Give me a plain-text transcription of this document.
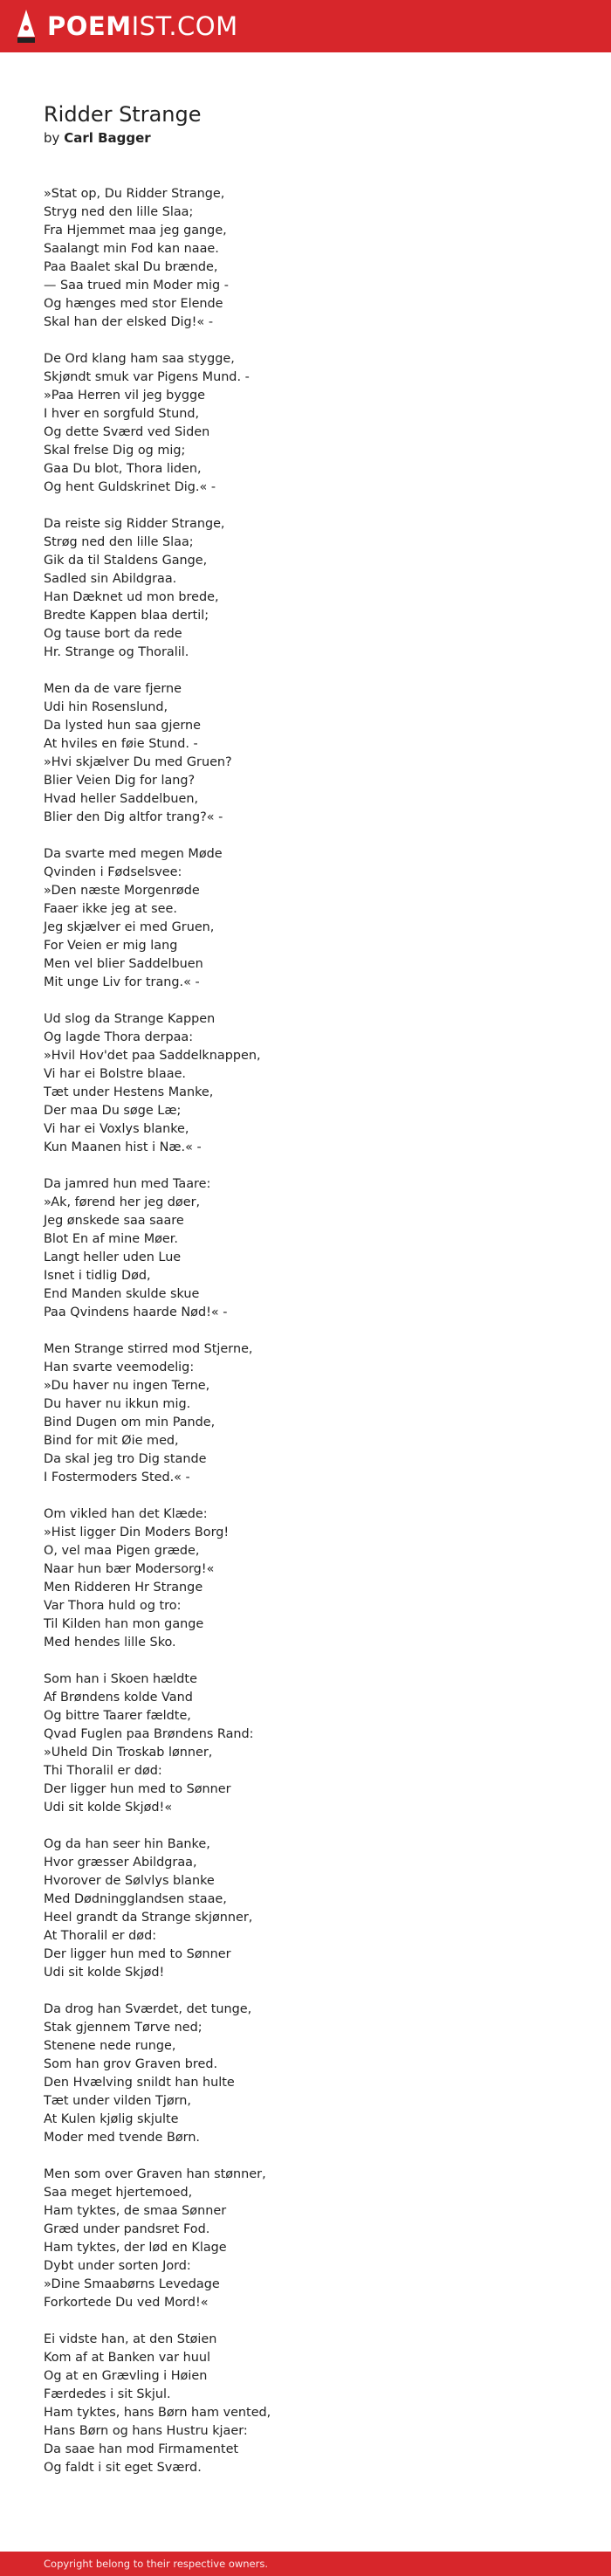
POEMIST.COM
Ridder Strange
by Carl Bagger
»Stat op, Du Ridder Strange,
Stryg ned den lille Slaa;
Fra Hjemmet maa jeg gange,
Saalangt min Fod kan naae.
Paa Baalet skal Du brænde,
— Saa trued min Moder mig -
Og hænges med stor Elende
Skal han der elsked Dig!« -
De Ord klang ham saa stygge,
Skjøndt smuk var Pigens Mund. -
»Paa Herren vil jeg bygge
I hver en sorgfuld Stund,
Og dette Sværd ved Siden
Skal frelse Dig og mig;
Gaa Du blot, Thora liden,
Og hent Guldskrinet Dig.« -
Da reiste sig Ridder Strange,
Strøg ned den lille Slaa;
Gik da til Staldens Gange,
Sadled sin Abildgraa.
Han Dæknet ud mon brede,
Bredte Kappen blaa dertil;
Og tause bort da rede
Hr. Strange og Thoralil.
Men da de vare fjerne
Udi hin Rosenslund,
Da lysted hun saa gjerne
At hviles en føie Stund. -
»Hvi skjælver Du med Gruen?
Blier Veien Dig for lang?
Hvad heller Saddelbuen,
Blier den Dig altfor trang?« -
Da svarte med megen Møde
Qvinden i Fødselsvee:
»Den næste Morgenrøde
Faaer ikke jeg at see.
Jeg skjælver ei med Gruen,
For Veien er mig lang
Men vel blier Saddelbuen
Mit unge Liv for trang.« -
Ud slog da Strange Kappen
Og lagde Thora derpaa:
»Hvil Hov'det paa Saddelknappen,
Vi har ei Bolstre blaae.
Tæt under Hestens Manke,
Der maa Du søge Læ;
Vi har ei Voxlys blanke,
Kun Maanen hist i Næ.« -
Da jamred hun med Taare:
»Ak, førend her jeg døer,
Jeg ønskede saa saare
Blot En af mine Møer.
Langt heller uden Lue
Isnet i tidlig Død,
End Manden skulde skue
Paa Qvindens haarde Nød!« -
Men Strange stirred mod Stjerne,
Han svarte veemodelig:
»Du haver nu ingen Terne,
Du haver nu ikkun mig.
Bind Dugen om min Pande,
Bind for mit Øie med,
Da skal jeg tro Dig stande
I Fostermoders Sted.« -
Om vikled han det Klæde:
»Hist ligger Din Moders Borg!
O, vel maa Pigen græde,
Naar hun bær Modersorg!«
Men Ridderen Hr Strange
Var Thora huld og tro:
Til Kilden han mon gange
Med hendes lille Sko.
Som han i Skoen hældte
Af Brøndens kolde Vand
Og bittre Taarer fældte,
Qvad Fuglen paa Brøndens Rand:
»Uheld Din Troskab lønner,
Thi Thoralil er død:
Der ligger hun med to Sønner
Udi sit kolde Skjød!«
Og da han seer hin Banke,
Hvor græsser Abildgraa,
Hvorover de Sølvlys blanke
Med Dødningglandsen staae,
Heel grandt da Strange skjønner,
At Thoralil er død:
Der ligger hun med to Sønner
Udi sit kolde Skjød!
Da drog han Sværdet, det tunge,
Stak gjennem Tørve ned;
Stenene nede runge,
Som han grov Graven bred.
Den Hvælving snildt han hulte
Tæt under vilden Tjørn,
At Kulen kjølig skjulte
Moder med tvende Børn.
Men som over Graven han stønner,
Saa meget hjertemoed,
Ham tyktes, de smaa Sønner
Græd under pandsret Fod.
Ham tyktes, der lød en Klage
Dybt under sorten Jord:
»Dine Smaabørns Levedage
Forkortede Du ved Mord!«
Ei vidste han, at den Støien
Kom af at Banken var huul
Og at en Grævling i Høien
Færdedes i sit Skjul.
Ham tyktes, hans Børn ham vented,
Hans Børn og hans Hustru kjaer:
Da saae han mod Firmamentet
Og faldt i sit eget Sværd.
Copyright belong to their respective owners.
